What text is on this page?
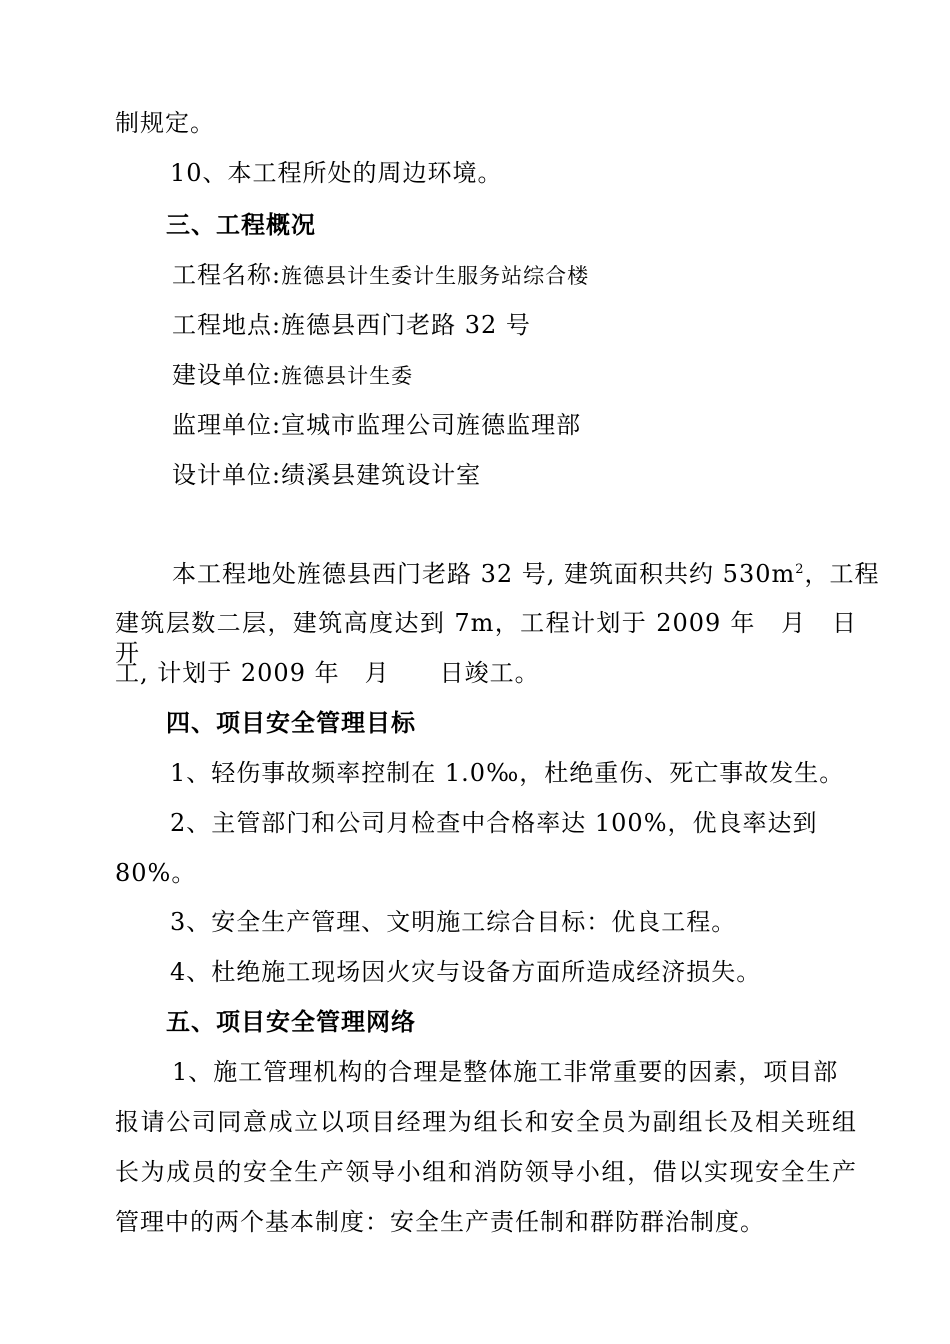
制规定。
10、本工程所处的周边环境。
三、工程概况
工程名称:旌德县计生委计生服务站综合楼
工程地点:旌德县西门老路 32 号
建设单位:旌德县计生委
监理单位:宣城市监理公司旌德监理部
设计单位:绩溪县建筑设计室
本工程地处旌德县西门老路 32 号, 建筑面积共约 $530m^2$，工程
建筑层数二层，建筑高度达到 7m，工程计划于 2009 年　月　日开
工, 计划于 2009 年　月　　日竣工。
四、项目安全管理目标
1、轻伤事故频率控制在 1.0‰，杜绝重伤、死亡事故发生。
2、主管部门和公司月检查中合格率达 100%，优良率达到
80%。
3、安全生产管理、文明施工综合目标：优良工程。
4、杜绝施工现场因火灾与设备方面所造成经济损失。
五、项目安全管理网络
1、施工管理机构的合理是整体施工非常重要的因素，项目部
报请公司同意成立以项目经理为组长和安全员为副组长及相关班组
长为成员的安全生产领导小组和消防领导小组，借以实现安全生产
管理中的两个基本制度：安全生产责任制和群防群治制度。
